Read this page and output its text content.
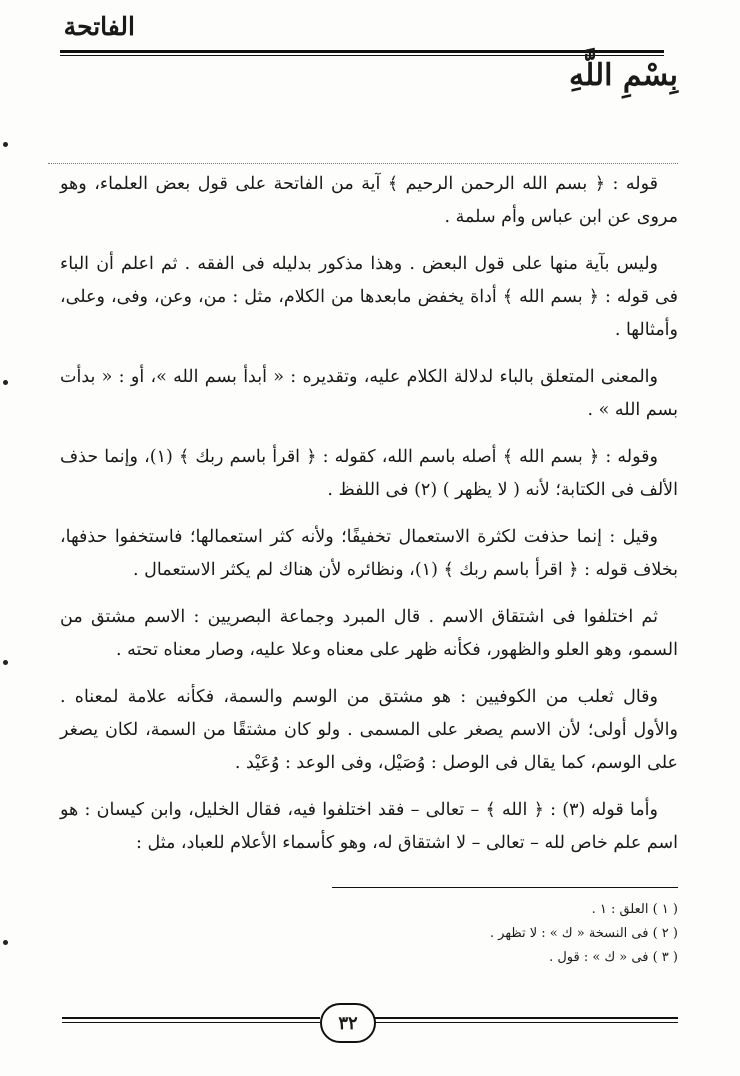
الفاتحة
بِسْمِ اللَّهِ

قوله : ﴿ بسم الله الرحمن الرحيم ﴾ آية من الفاتحة على قول بعض العلماء، وهو مروى عن ابن عباس وأم سلمة .

وليس بآية منها على قول البعض . وهذا مذكور بدليله فى الفقه . ثم اعلم أن الباء فى قوله : ﴿ بسم الله ﴾ أداة يخفض مابعدها من الكلام، مثل : من، وعن، وفى، وعلى، وأمثالها .

والمعنى المتعلق بالباء لدلالة الكلام عليه، وتقديره : « أبدأ بسم الله »، أو : « بدأت بسم الله » .

وقوله : ﴿ بسم الله ﴾ أصله باسم الله، كقوله : ﴿ اقرأ باسم ربك ﴾ (١)، وإنما حذف الألف فى الكتابة؛ لأنه ( لا يظهر ) (٢) فى اللفظ .

وقيل : إنما حذفت لكثرة الاستعمال تخفيفًا؛ ولأنه كثر استعمالها؛ فاستخفوا حذفها، بخلاف قوله : ﴿ اقرأ باسم ربك ﴾ (١)، ونظائره لأن هناك لم يكثر الاستعمال .

ثم اختلفوا فى اشتقاق الاسم . قال المبرد وجماعة البصريين : الاسم مشتق من السمو، وهو العلو والظهور، فكأنه ظهر على معناه وعلا عليه، وصار معناه تحته .

وقال ثعلب من الكوفيين : هو مشتق من الوسم والسمة، فكأنه علامة لمعناه . والأول أولى؛ لأن الاسم يصغر على المسمى . ولو كان مشتقًا من السمة، لكان يصغر على الوسم، كما يقال فى الوصل : وُصَيْل، وفى الوعد : وُعَيْد .

وأما قوله (٣) : ﴿ الله ﴾ – تعالى – فقد اختلفوا فيه، فقال الخليل، وابن كيسان : هو اسم علم خاص لله – تعالى – لا اشتقاق له، وهو كأسماء الأعلام للعباد، مثل :

( ١ ) العلق : ١ .
( ٢ ) فى النسخة « ك » : لا تظهر .
( ٣ ) فى « ك » : قول .
٣٢
